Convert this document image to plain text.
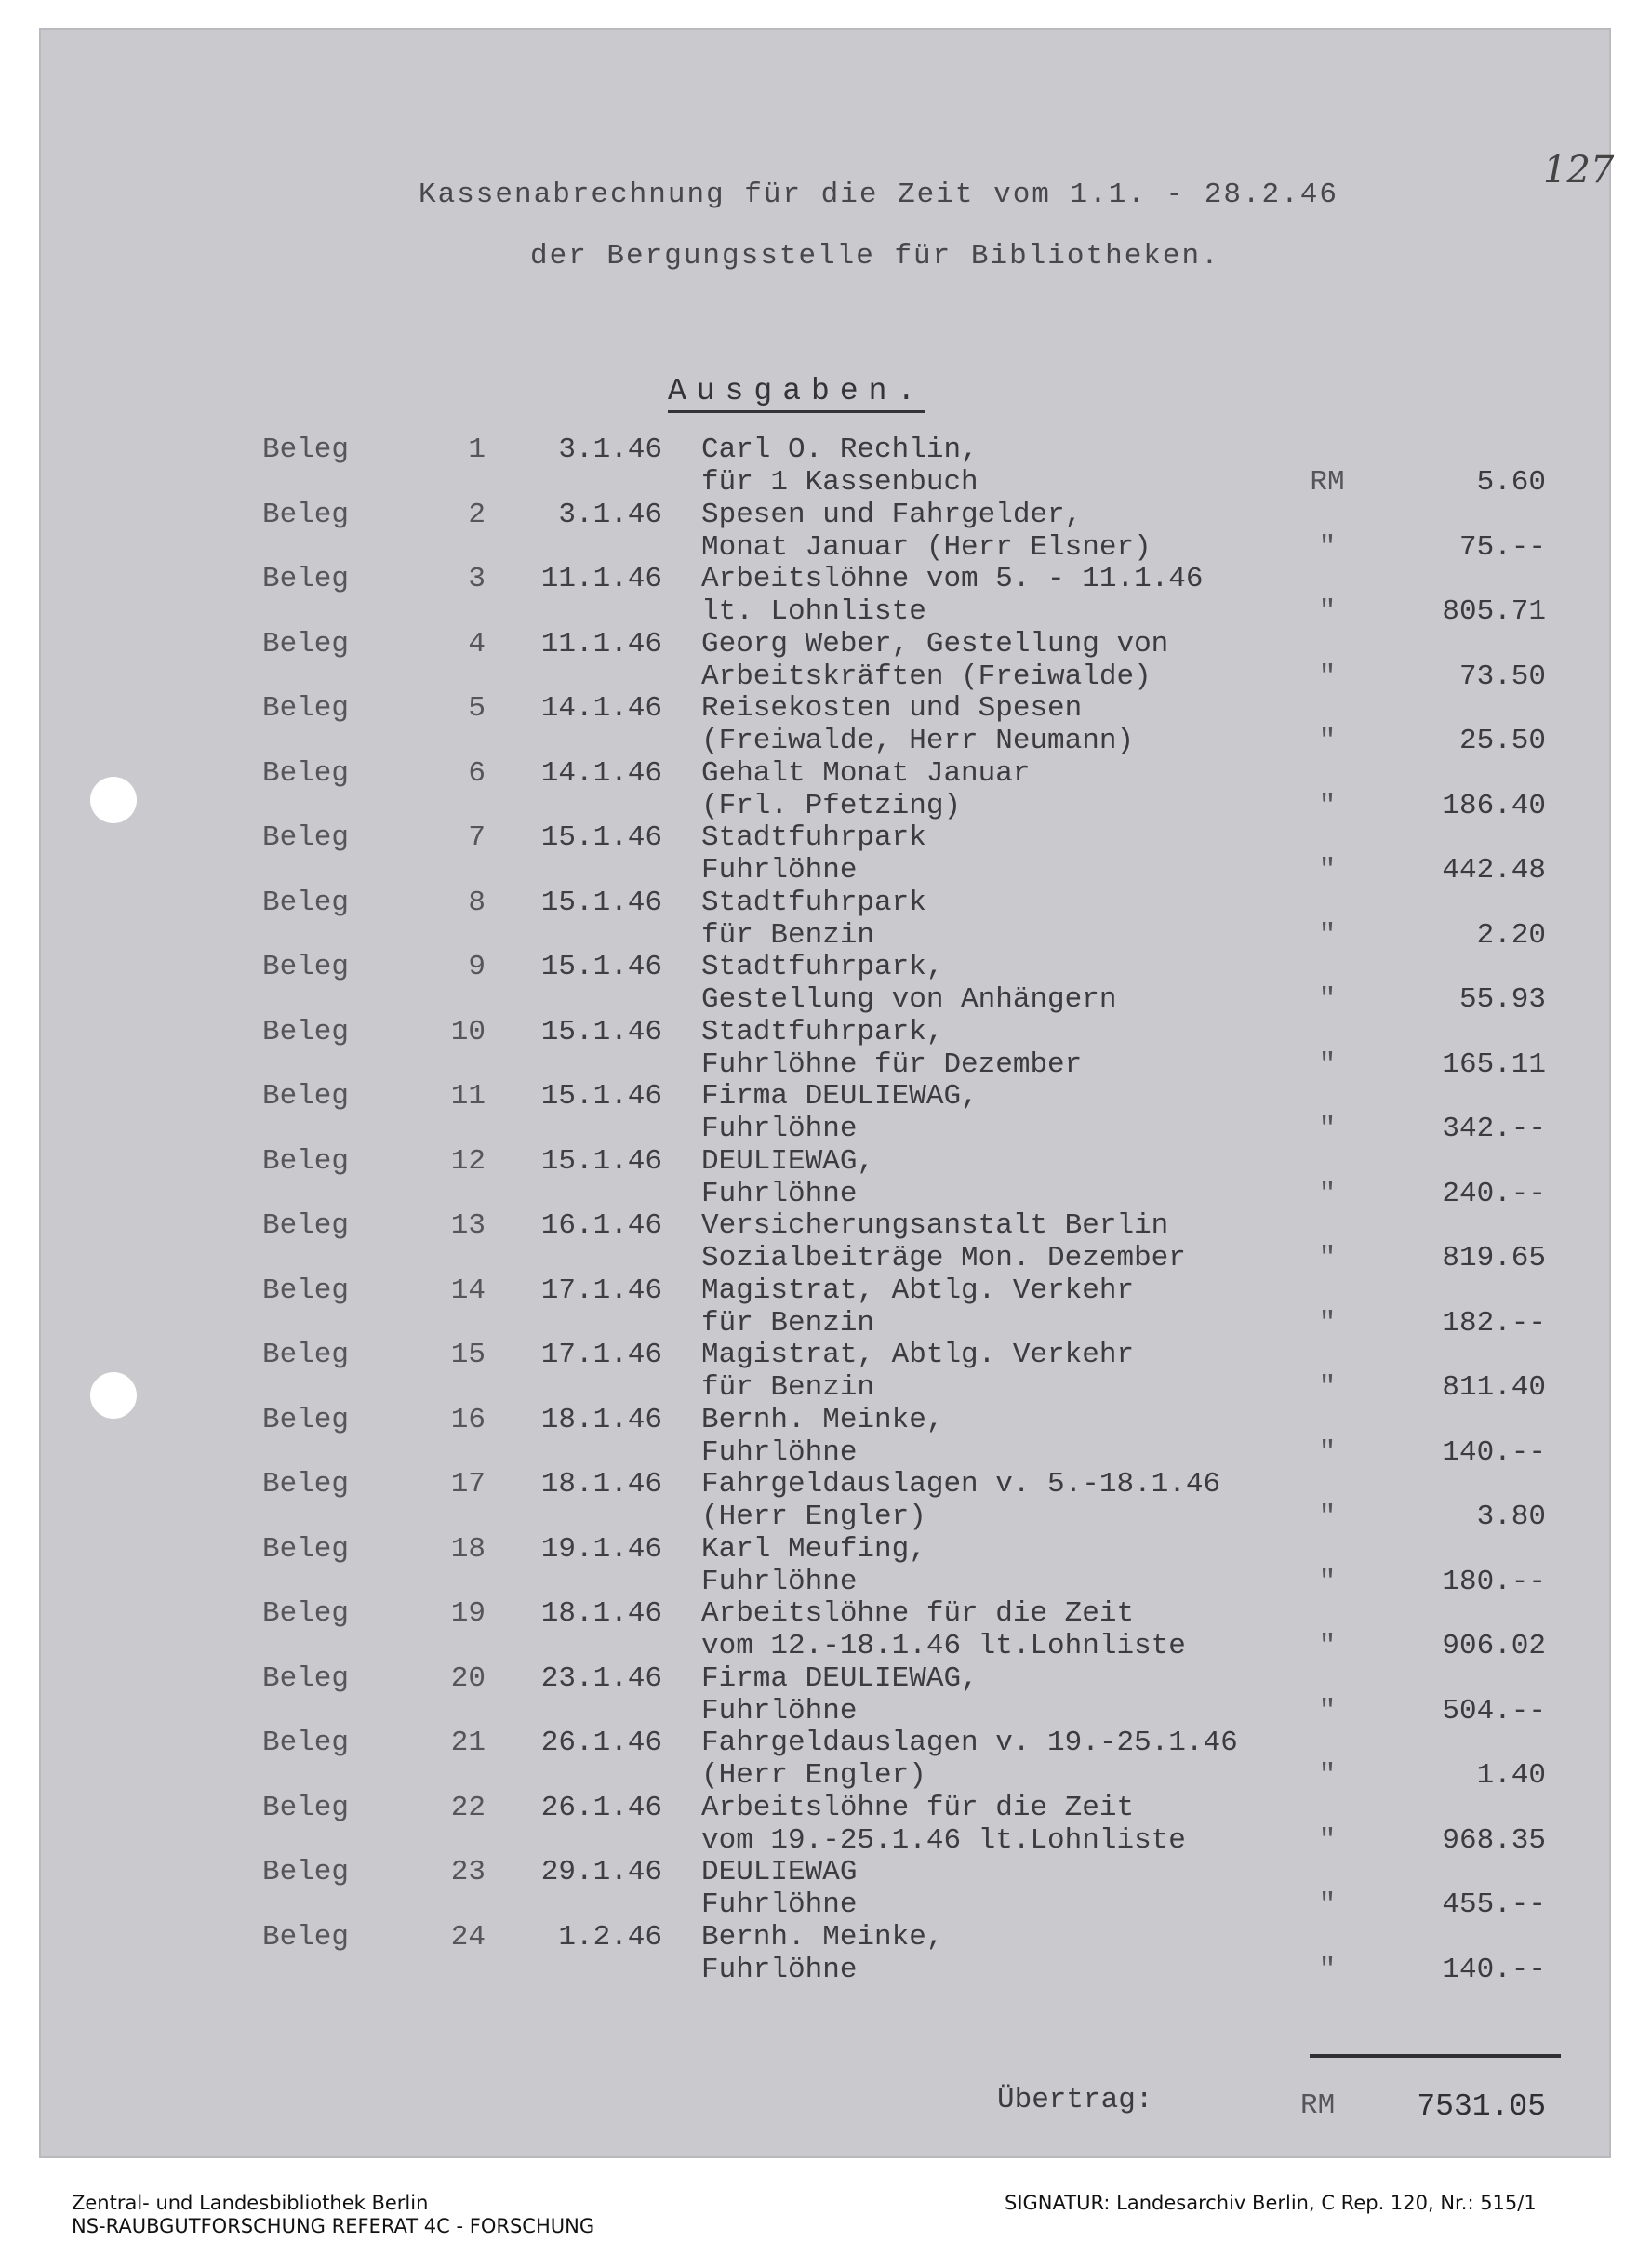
127
Kassenabrechnung für die Zeit vom 1.1. - 28.2.46
der Bergungsstelle für Bibliotheken.
Ausgaben.
Beleg	1	3.1.46 Carl O. Rechlin,
für 1 Kassenbuch	RM	5.60
Beleg	2	3.1.46 Spesen und Fahrgelder,
Monat Januar (Herr Elsner)	"	75.--
Beleg	3	11.1.46 Arbeitslöhne vom 5. - 11.1.46
lt. Lohnliste	"	805.71
Beleg	4	11.1.46 Georg Weber, Gestellung von
Arbeitskräften (Freiwalde)	"	73.50
Beleg	5	14.1.46 Reisekosten und Spesen
(Freiwalde, Herr Neumann)	"	25.50
Beleg	6	14.1.46 Gehalt Monat Januar
(Frl. Pfetzing)	"	186.40
Beleg	7	15.1.46 Stadtfuhrpark
Fuhrlöhne	"	442.48
Beleg	8	15.1.46 Stadtfuhrpark
für Benzin	"	2.20
Beleg	9	15.1.46 Stadtfuhrpark,
Gestellung von Anhängern	"	55.93
Beleg	10	15.1.46 Stadtfuhrpark,
Fuhrlöhne für Dezember	"	165.11
Beleg	11	15.1.46 Firma DEULIEWAG,
Fuhrlöhne	"	342.--
Beleg	12	15.1.46 DEULIEWAG,
Fuhrlöhne	"	240.--
Beleg	13	16.1.46 Versicherungsanstalt Berlin
Sozialbeiträge Mon. Dezember	"	819.65
Beleg	14	17.1.46 Magistrat, Abtlg. Verkehr
für Benzin	"	182.--
Beleg	15	17.1.46 Magistrat, Abtlg. Verkehr
für Benzin	"	811.40
Beleg	16	18.1.46 Bernh. Meinke,
Fuhrlöhne	"	140.--
Beleg	17	18.1.46 Fahrgeldauslagen v. 5.-18.1.46
(Herr Engler)	"	3.80
Beleg	18	19.1.46 Karl Meufing,
Fuhrlöhne	"	180.--
Beleg	19	18.1.46 Arbeitslöhne für die Zeit
vom 12.-18.1.46 lt.Lohnliste	"	906.02
Beleg	20	23.1.46 Firma DEULIEWAG,
Fuhrlöhne	"	504.--
Beleg	21	26.1.46 Fahrgeldauslagen v. 19.-25.1.46
(Herr Engler)	"	1.40
Beleg	22	26.1.46 Arbeitslöhne für die Zeit
vom 19.-25.1.46 lt.Lohnliste	"	968.35
Beleg	23	29.1.46 DEULIEWAG
Fuhrlöhne	"	455.--
Beleg	24	1.2.46 Bernh. Meinke,
Fuhrlöhne	"	140.--
Übertrag:	RM	7531.05
Zentral- und Landesbibliothek Berlin
NS-RAUBGUTFORSCHUNG REFERAT 4C - FORSCHUNG
SIGNATUR: Landesarchiv Berlin, C Rep. 120, Nr.: 515/1
